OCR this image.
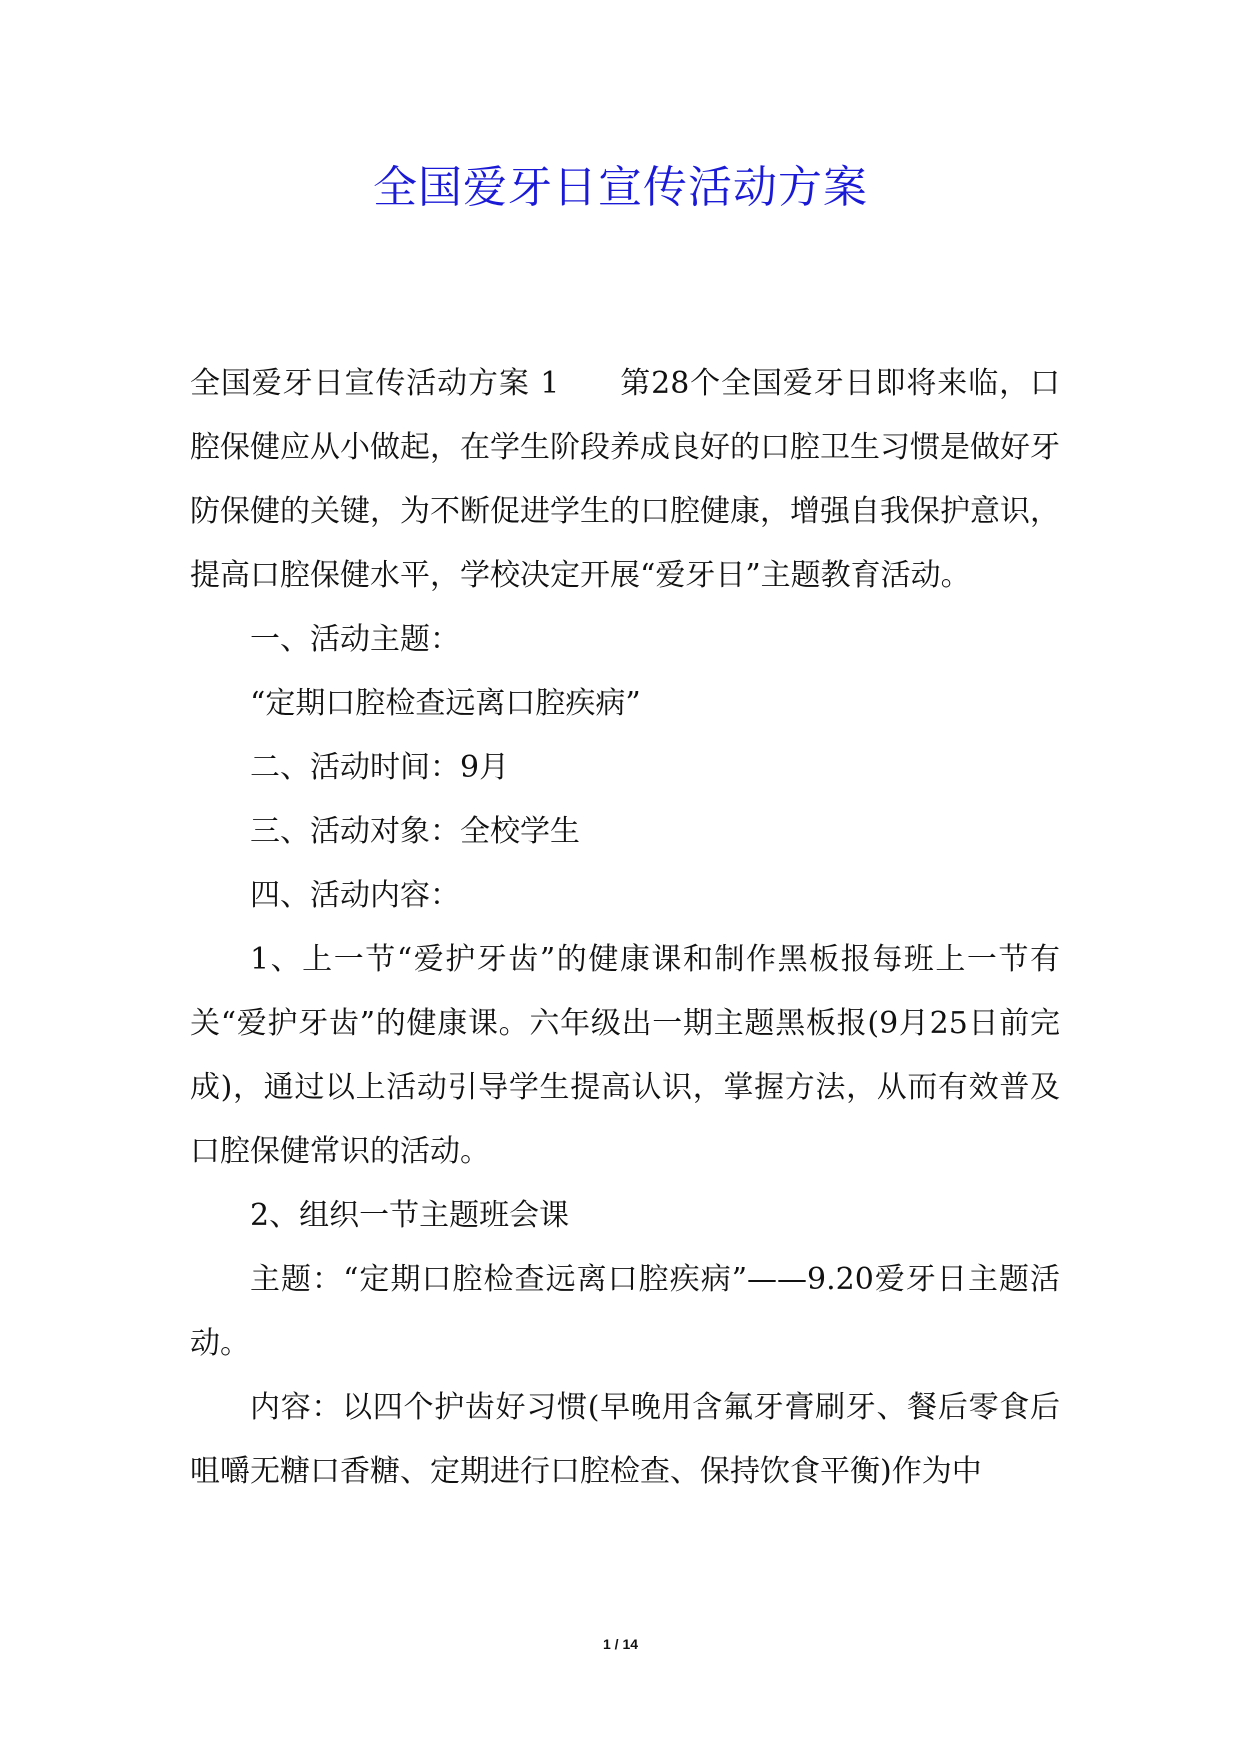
全国爱牙日宣传活动方案

全国爱牙日宣传活动方案 1 第28个全国爱牙日即将来临，口腔保健应从小做起，在学生阶段养成良好的口腔卫生习惯是做好牙防保健的关键，为不断促进学生的口腔健康，增强自我保护意识，提高口腔保健水平，学校决定开展“爱牙日”主题教育活动。

一、活动主题：

“定期口腔检查远离口腔疾病”

二、活动时间：9月

三、活动对象：全校学生

四、活动内容：

1、上一节“爱护牙齿”的健康课和制作黑板报每班上一节有关“爱护牙齿”的健康课。六年级出一期主题黑板报(9月25日前完成)，通过以上活动引导学生提高认识，掌握方法，从而有效普及口腔保健常识的活动。

2、组织一节主题班会课

主题：“定期口腔检查远离口腔疾病”——9.20爱牙日主题活动。

内容：以四个护齿好习惯(早晚用含氟牙膏刷牙、餐后零食后咀嚼无糖口香糖、定期进行口腔检查、保持饮食平衡)作为中

1 / 14
